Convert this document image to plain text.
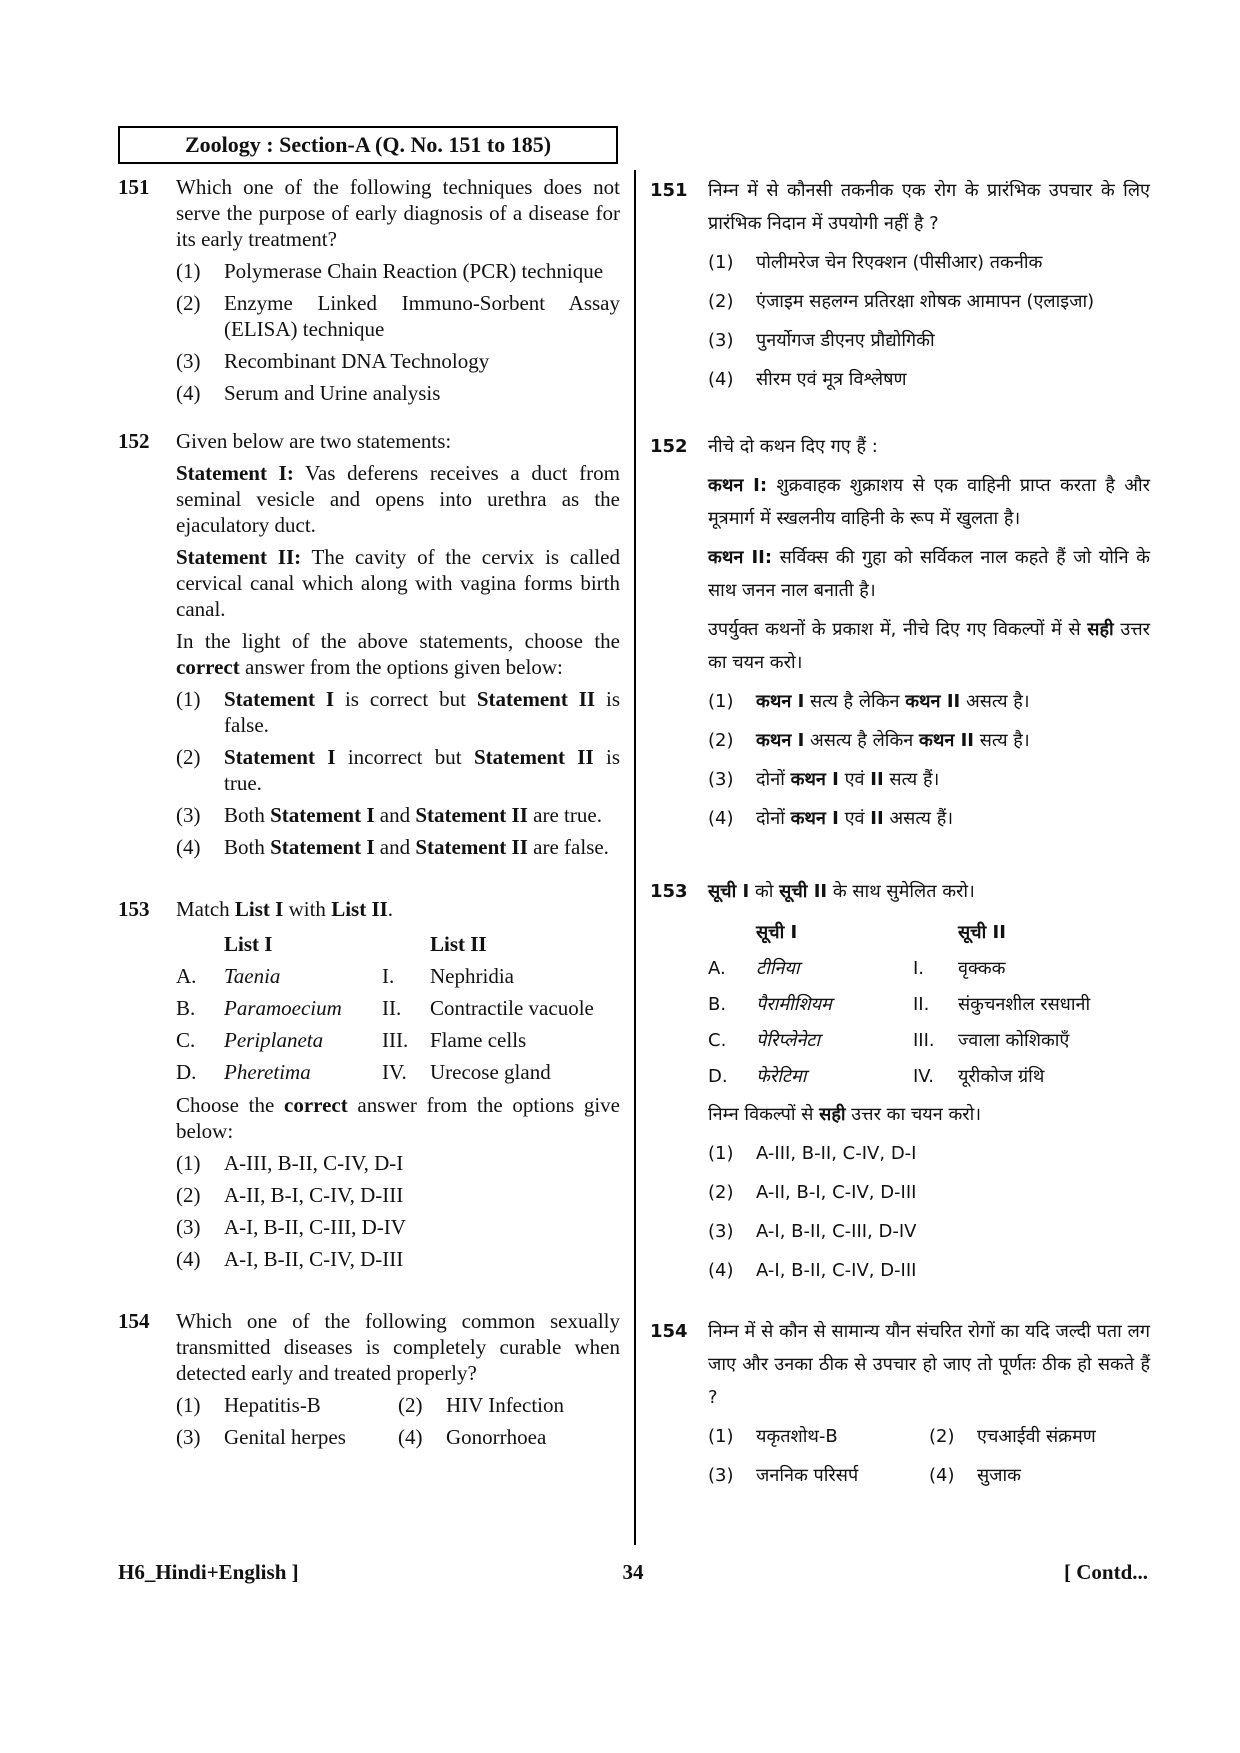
Zoology : Section-A (Q. No. 151 to 185)
151 Which one of the following techniques does not serve the purpose of early diagnosis of a disease for its early treatment?
(1) Polymerase Chain Reaction (PCR) technique
(2) Enzyme Linked Immuno-Sorbent Assay (ELISA) technique
(3) Recombinant DNA Technology
(4) Serum and Urine analysis
152 Given below are two statements:
Statement I: Vas deferens receives a duct from seminal vesicle and opens into urethra as the ejaculatory duct.
Statement II: The cavity of the cervix is called cervical canal which along with vagina forms birth canal.
In the light of the above statements, choose the correct answer from the options given below:
(1) Statement I is correct but Statement II is false.
(2) Statement I incorrect but Statement II is true.
(3) Both Statement I and Statement II are true.
(4) Both Statement I and Statement II are false.
153 Match List I with List II.
List I	List II
A.	Taenia	I.	Nephridia
B.	Paramoecium	II.	Contractile vacuole
C.	Periplaneta	III.	Flame cells
D.	Pheretima	IV.	Urecose gland
Choose the correct answer from the options give below:
(1) A-III, B-II, C-IV, D-I
(2) A-II, B-I, C-IV, D-III
(3) A-I, B-II, C-III, D-IV
(4) A-I, B-II, C-IV, D-III
154 Which one of the following common sexually transmitted diseases is completely curable when detected early and treated properly?
(1) Hepatitis-B	(2) HIV Infection
(3) Genital herpes	(4) Gonorrhoea
151 निम्न में से कौनसी तकनीक एक रोग के प्रारंभिक उपचार के लिए प्रारंभिक निदान में उपयोगी नहीं है ?
(1) पोलीमरेज चेन रिएक्शन (पीसीआर) तकनीक
(2) एंजाइम सहलग्न प्रतिरक्षा शोषक आमापन (एलाइजा)
(3) पुनर्योगज डीएनए प्रौद्योगिकी
(4) सीरम एवं मूत्र विश्लेषण
152 नीचे दो कथन दिए गए हैं :
कथन I: शुक्रवाहक शुक्राशय से एक वाहिनी प्राप्त करता है और मूत्रमार्ग में स्खलनीय वाहिनी के रूप में खुलता है।
कथन II: सर्विक्स की गुहा को सर्विकल नाल कहते हैं जो योनि के साथ जनन नाल बनाती है।
उपर्युक्त कथनों के प्रकाश में, नीचे दिए गए विकल्पों में से सही उत्तर का चयन करो।
(1) कथन I सत्य है लेकिन कथन II असत्य है।
(2) कथन I असत्य है लेकिन कथन II सत्य है।
(3) दोनों कथन I एवं II सत्य हैं।
(4) दोनों कथन I एवं II असत्य हैं।
153 सूची I को सूची II के साथ सुमेलित करो।
सूची I	सूची II
A.	टीनिया	I.	वृक्कक
B.	पैरामीशियम	II.	संकुचनशील रसधानी
C.	पेरिप्लेनेटा	III.	ज्वाला कोशिकाएँ
D.	फेरेटिमा	IV.	यूरीकोज ग्रंथि
निम्न विकल्पों से सही उत्तर का चयन करो।
(1) A-III, B-II, C-IV, D-I
(2) A-II, B-I, C-IV, D-III
(3) A-I, B-II, C-III, D-IV
(4) A-I, B-II, C-IV, D-III
154 निम्न में से कौन से सामान्य यौन संचरित रोगों का यदि जल्दी पता लग जाए और उनका ठीक से उपचार हो जाए तो पूर्णतः ठीक हो सकते हैं ?
(1) यकृतशोथ-B	(2) एचआईवी संक्रमण
(3) जननिक परिसर्प	(4) सुजाक
H6_Hindi+English ]	34	[ Contd...
